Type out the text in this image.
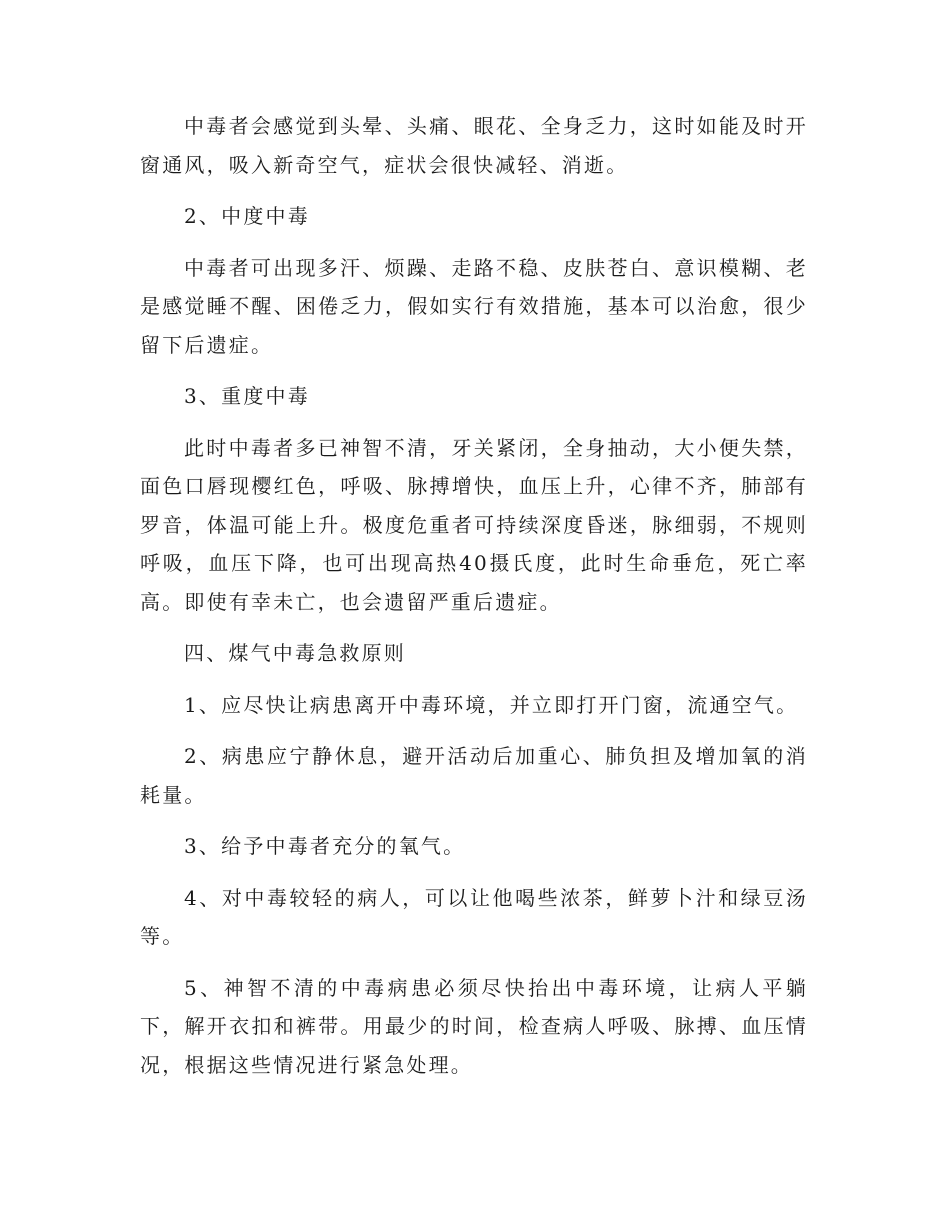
中毒者会感觉到头晕、头痛、眼花、全身乏力，这时如能及时开窗通风，吸入新奇空气，症状会很快减轻、消逝。

2、中度中毒

中毒者可出现多汗、烦躁、走路不稳、皮肤苍白、意识模糊、老是感觉睡不醒、困倦乏力，假如实行有效措施，基本可以治愈，很少留下后遗症。

3、重度中毒

此时中毒者多已神智不清，牙关紧闭，全身抽动，大小便失禁，面色口唇现樱红色，呼吸、脉搏增快，血压上升，心律不齐，肺部有罗音，体温可能上升。极度危重者可持续深度昏迷，脉细弱，不规则呼吸，血压下降，也可出现高热40摄氏度，此时生命垂危，死亡率高。即使有幸未亡，也会遗留严重后遗症。

四、煤气中毒急救原则

1、应尽快让病患离开中毒环境，并立即打开门窗，流通空气。

2、病患应宁静休息，避开活动后加重心、肺负担及增加氧的消耗量。

3、给予中毒者充分的氧气。

4、对中毒较轻的病人，可以让他喝些浓茶，鲜萝卜汁和绿豆汤等。

5、神智不清的中毒病患必须尽快抬出中毒环境，让病人平躺下，解开衣扣和裤带。用最少的时间，检查病人呼吸、脉搏、血压情况，根据这些情况进行紧急处理。
